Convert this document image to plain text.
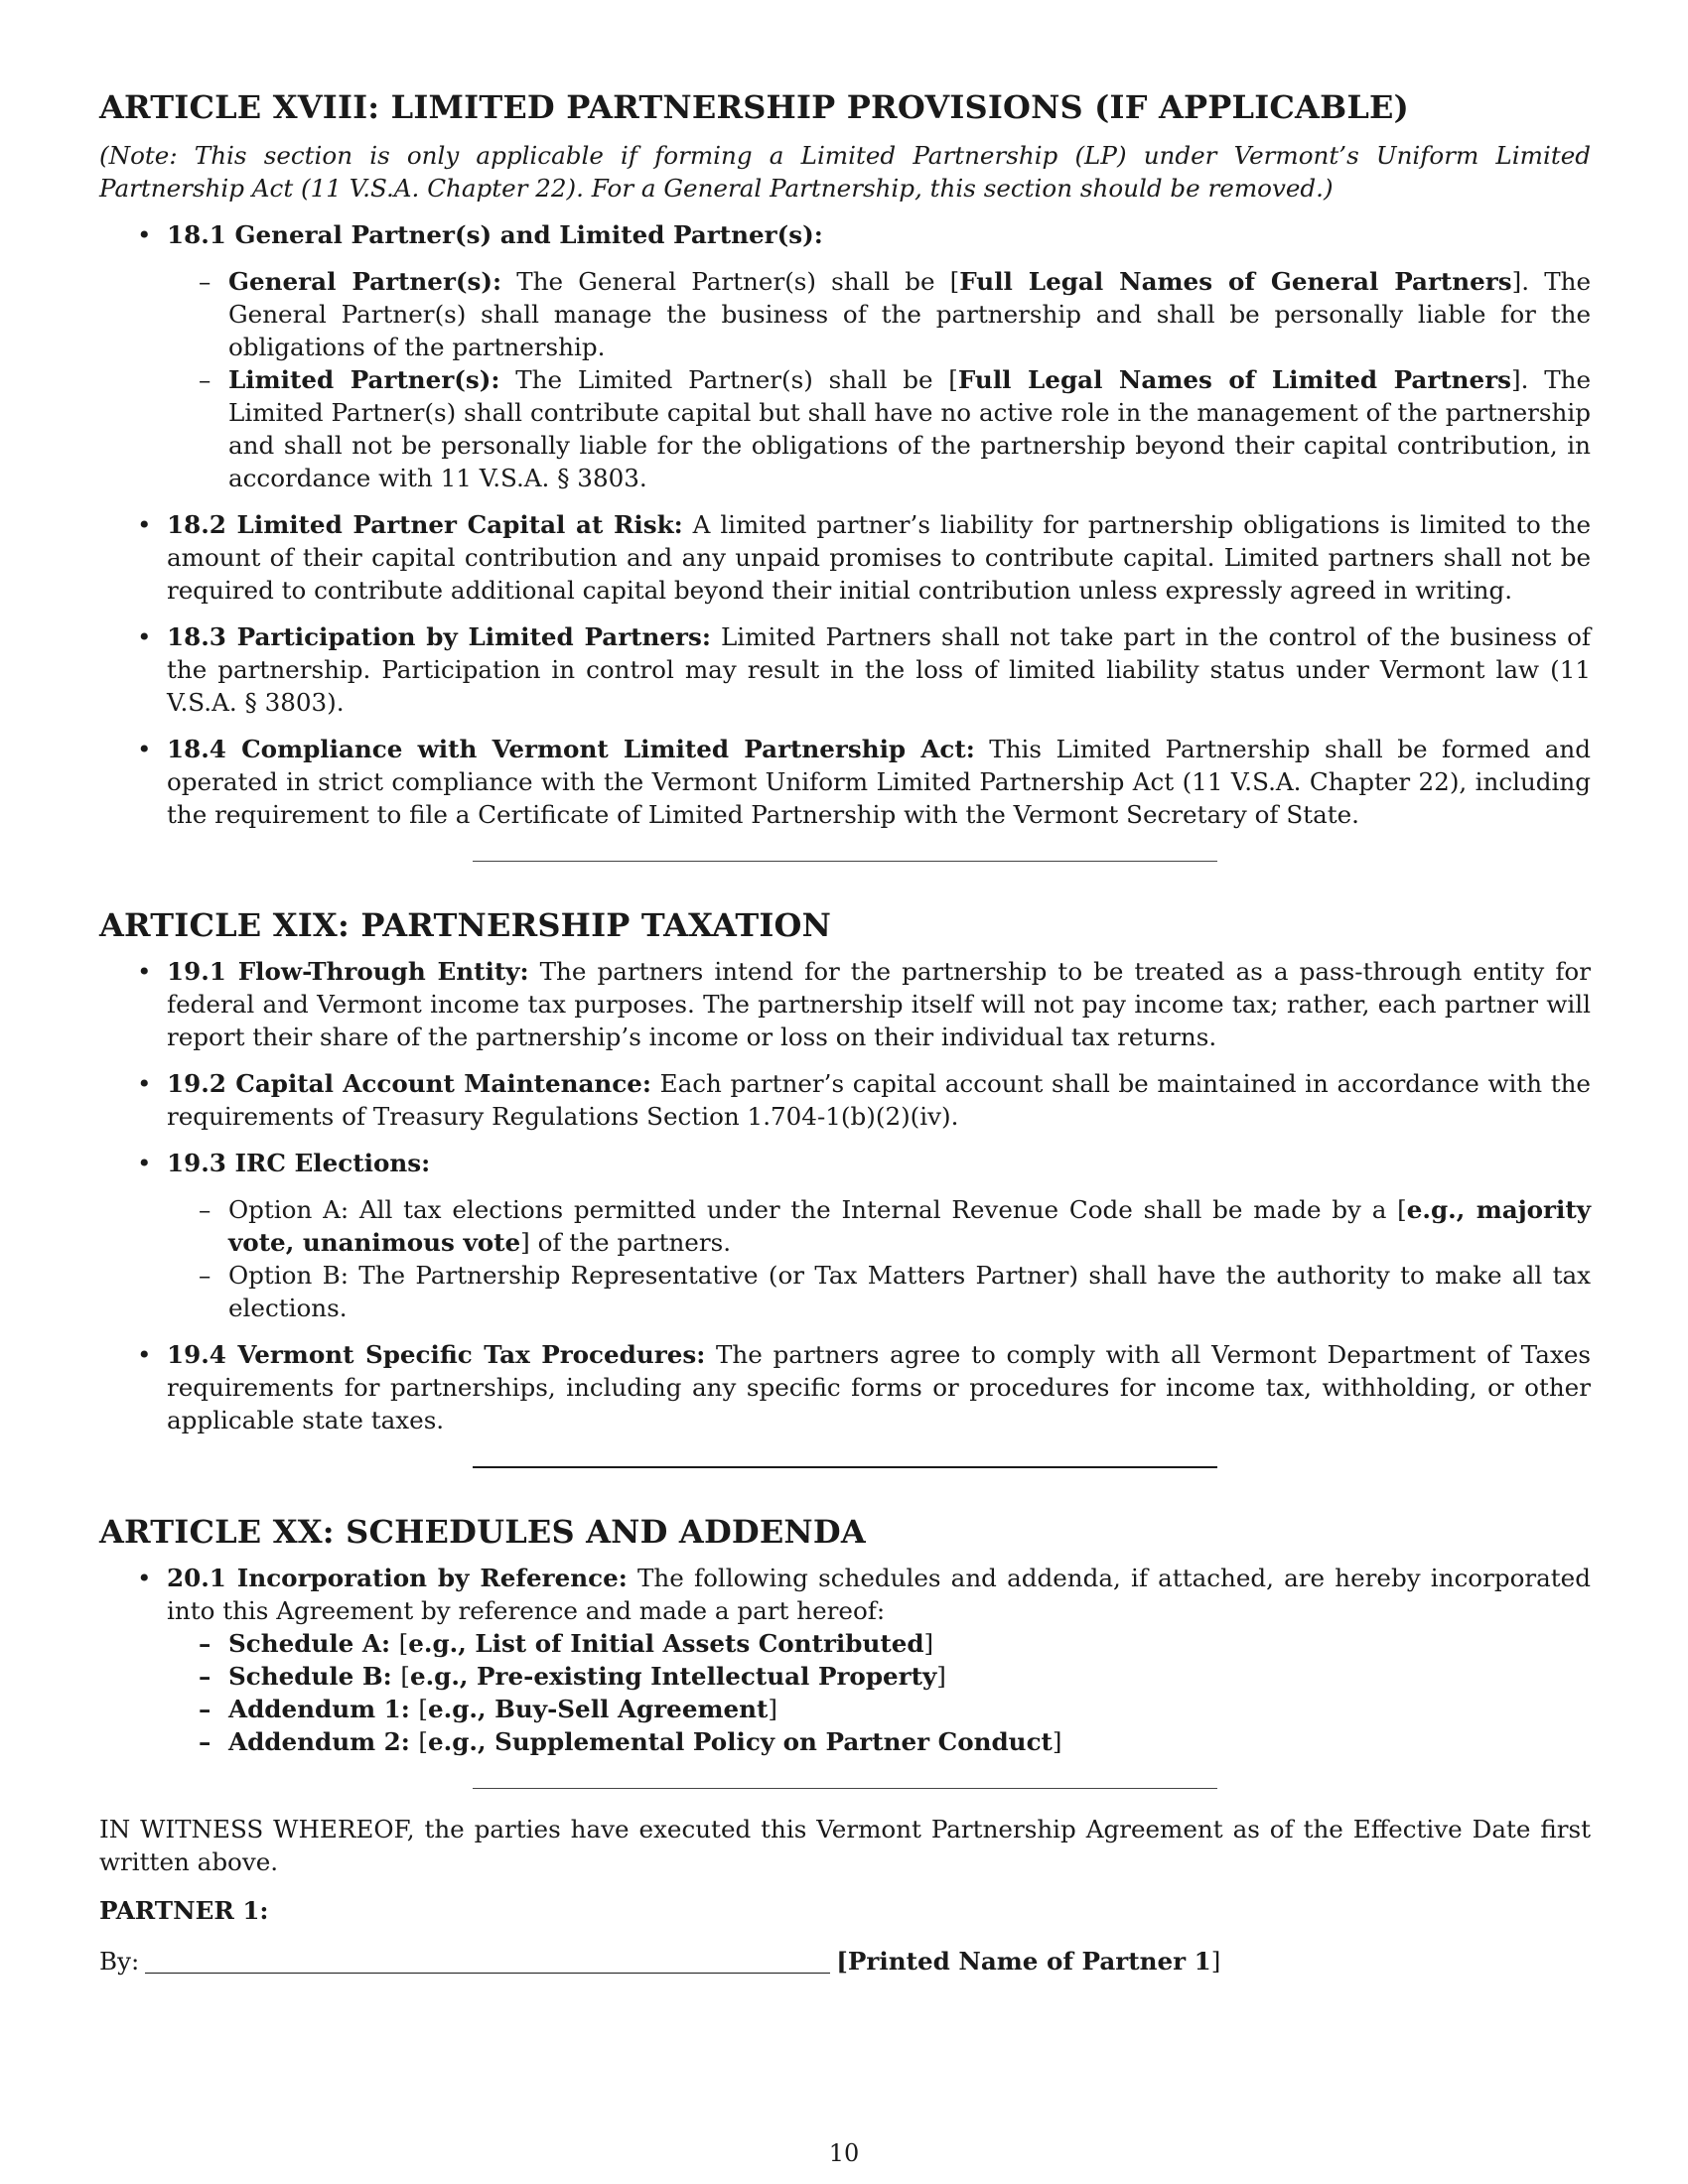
ARTICLE XVIII: LIMITED PARTNERSHIP PROVISIONS (IF APPLICABLE)

(Note: This section is only applicable if forming a Limited Partnership (LP) under Vermont’s Uniform Limited Partnership Act (11 V.S.A. Chapter 22). For a General Partnership, this section should be removed.)

• 18.1 General Partner(s) and Limited Partner(s):
– General Partner(s): The General Partner(s) shall be [Full Legal Names of General Partners]. The General Partner(s) shall manage the business of the partnership and shall be personally liable for the obligations of the partnership.
– Limited Partner(s): The Limited Partner(s) shall be [Full Legal Names of Limited Partners]. The Limited Partner(s) shall contribute capital but shall have no active role in the management of the partnership and shall not be personally liable for the obligations of the partnership beyond their capital contribution, in accordance with 11 V.S.A. § 3803.
• 18.2 Limited Partner Capital at Risk: A limited partner’s liability for partnership obligations is limited to the amount of their capital contribution and any unpaid promises to contribute capital. Limited partners shall not be required to contribute additional capital beyond their initial contribution unless expressly agreed in writing.
• 18.3 Participation by Limited Partners: Limited Partners shall not take part in the control of the business of the partnership. Participation in control may result in the loss of limited liability status under Vermont law (11 V.S.A. § 3803).
• 18.4 Compliance with Vermont Limited Partnership Act: This Limited Partnership shall be formed and operated in strict compliance with the Vermont Uniform Limited Partnership Act (11 V.S.A. Chapter 22), including the requirement to file a Certificate of Limited Partnership with the Vermont Secretary of State.
ARTICLE XIX: PARTNERSHIP TAXATION
• 19.1 Flow-Through Entity: The partners intend for the partnership to be treated as a pass-through entity for federal and Vermont income tax purposes. The partnership itself will not pay income tax; rather, each partner will report their share of the partnership’s income or loss on their individual tax returns.
• 19.2 Capital Account Maintenance: Each partner’s capital account shall be maintained in accordance with the requirements of Treasury Regulations Section 1.704-1(b)(2)(iv).
• 19.3 IRC Elections:
– Option A: All tax elections permitted under the Internal Revenue Code shall be made by a [e.g., majority vote, unanimous vote] of the partners.
– Option B: The Partnership Representative (or Tax Matters Partner) shall have the authority to make all tax elections.
• 19.4 Vermont Specific Tax Procedures: The partners agree to comply with all Vermont Department of Taxes requirements for partnerships, including any specific forms or procedures for income tax, withholding, or other applicable state taxes.
ARTICLE XX: SCHEDULES AND ADDENDA
• 20.1 Incorporation by Reference: The following schedules and addenda, if attached, are hereby incorporated into this Agreement by reference and made a part hereof:
– Schedule A: [e.g., List of Initial Assets Contributed]
– Schedule B: [e.g., Pre-existing Intellectual Property]
– Addendum 1: [e.g., Buy-Sell Agreement]
– Addendum 2: [e.g., Supplemental Policy on Partner Conduct]

IN WITNESS WHEREOF, the parties have executed this Vermont Partnership Agreement as of the Effective Date first written above.

PARTNER 1:

By:	[Printed Name of Partner 1]

10
